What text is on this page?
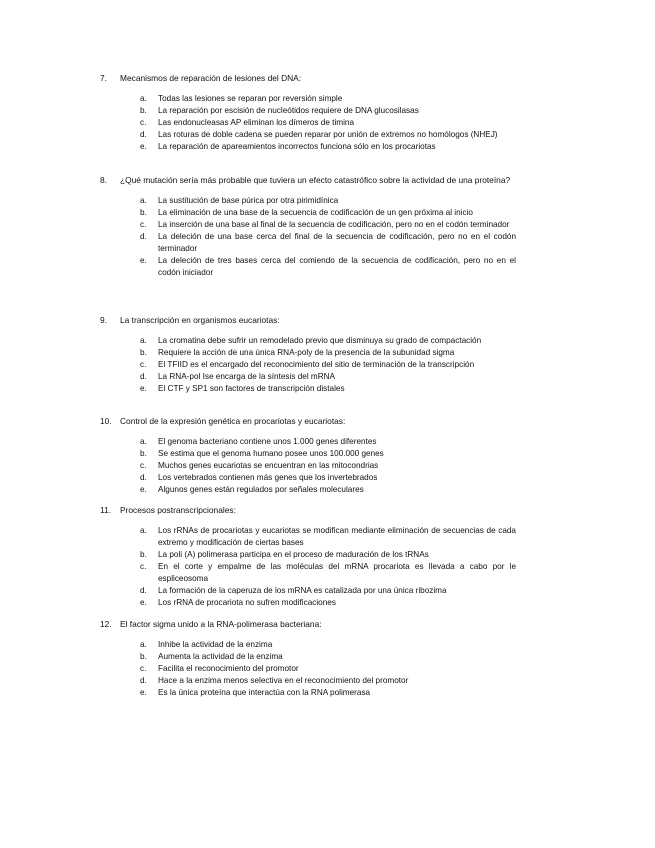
7.	Mecanismos de reparación de lesiones del DNA:
a.	Todas las lesiones se reparan por reversión simple
b.	La reparación por escisión de nucleótidos requiere de DNA glucosilasas
c.	Las endonucleasas AP eliminan los dímeros de timina
d.	Las roturas de doble cadena se pueden reparar por unión de extremos no homólogos (NHEJ)
e.	La reparación de apareamientos incorrectos funciona sólo en los procariotas
8.	¿Qué mutación sería más probable que tuviera un efecto catastrófico sobre la actividad de una proteína?
a.	La sustitución de base púrica por otra pirimidínica
b.	La eliminación de una base de la secuencia de codificación de un gen próxima al inicio
c.	La inserción de una base al final de la secuencia de codificación, pero no en el codón terminador
d.	La deleción de una base cerca del final de la secuencia de codificación, pero no en el codón terminador
e.	La deleción de tres bases cerca del comiendo de la secuencia de codificación, pero no en el codón iniciador
9.	La transcripción en organismos eucariotas:
a.	La cromatina debe sufrir un remodelado previo que disminuya su grado de compactación
b.	Requiere la acción de una única RNA-poly de la presencia de la subunidad sigma
c.	El TFIID es el encargado del reconocimiento del sitio de terminación de la transcripción
d.	La RNA-pol Ise encarga de la síntesis del mRNA
e.	El CTF y SP1 son factores de transcripción distales
10. Control de la expresión genética en procariotas y eucariotas:
a.	El genoma bacteriano contiene unos 1.000 genes diferentes
b.	Se estima que el genoma humano posee unos 100.000 genes
c.	Muchos genes eucariotas se encuentran en las mitocondrias
d.	Los vertebrados contienen más genes que los invertebrados
e.	Algunos genes están regulados por señales moleculares
11.	Procesos postranscripcionales:
a.	Los rRNAs de procariotas y eucariotas se modifican mediante eliminación de secuencias de cada extremo y modificación de ciertas bases
b.	La poli (A) polimerasa participa en el proceso de maduración de los tRNAs
c.	En el corte y empalme de las moléculas del mRNA procariota es llevada a cabo por le espliceosoma
d.	La formación de la caperuza de los mRNA es catalizada por una única ribozima
e.	Los rRNA de procariota no sufren modificaciones
12. El factor sigma unido a la RNA-polimerasa bacteriana:
a.	Inhibe la actividad de la enzima
b.	Aumenta la actividad de la enzima
c.	Facilita el reconocimiento del promotor
d.	Hace a la enzima menos selectiva en el reconocimiento del promotor
e.	Es la única proteína que interactúa con la RNA polimerasa
